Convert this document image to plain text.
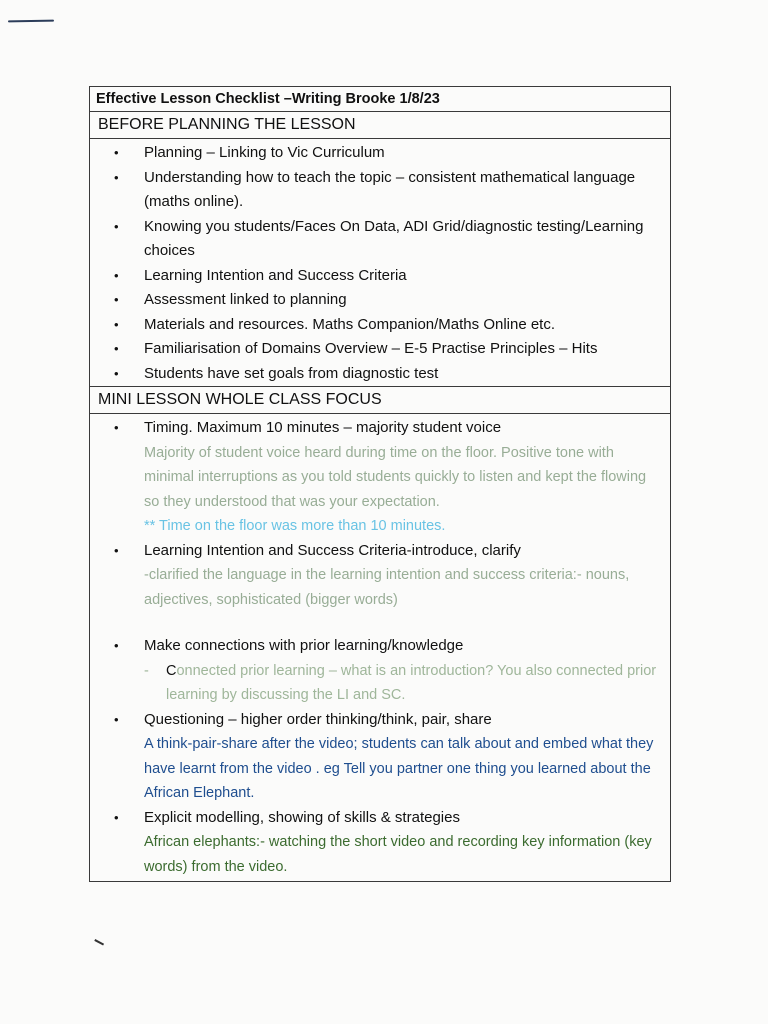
Effective Lesson Checklist –Writing Brooke 1/8/23
BEFORE PLANNING THE LESSON
• Planning – Linking to Vic Curriculum
• Understanding how to teach the topic – consistent mathematical language (maths online).
• Knowing you students/Faces On Data, ADI Grid/diagnostic testing/Learning choices
• Learning Intention and Success Criteria
• Assessment linked to planning
• Materials and resources. Maths Companion/Maths Online etc.
• Familiarisation of Domains Overview – E-5 Practise Principles – Hits
• Students have set goals from diagnostic test
MINI LESSON WHOLE CLASS FOCUS
• Timing. Maximum 10 minutes – majority student voice
Majority of student voice heard during time on the floor. Positive tone with minimal interruptions as you told students quickly to listen and kept the flowing so they understood that was your expectation.
** Time on the floor was more than 10 minutes.
• Learning Intention and Success Criteria-introduce, clarify
-clarified the language in the learning intention and success criteria:- nouns, adjectives, sophisticated (bigger words)
• Make connections with prior learning/knowledge
- Connected prior learning – what is an introduction? You also connected prior learning by discussing the LI and SC.
• Questioning – higher order thinking/think, pair, share
A think-pair-share after the video; students can talk about and embed what they have learnt from the video . eg Tell you partner one thing you learned about the African Elephant.
• Explicit modelling, showing of skills & strategies
African elephants:- watching the short video and recording key information (key words) from the video.
